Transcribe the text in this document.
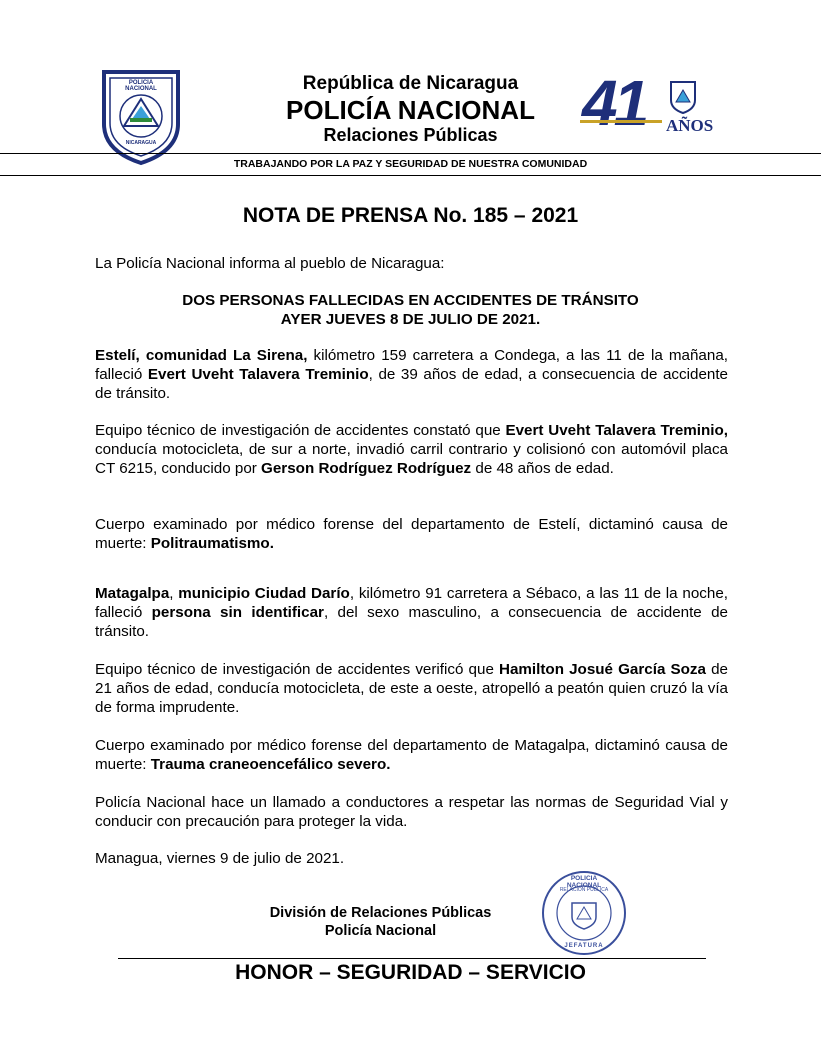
POLICIA NACIONAL
NICARAGUA
República de Nicaragua
POLICÍA NACIONAL
Relaciones Públicas	41 AÑOS
TRABAJANDO POR LA PAZ Y SEGURIDAD DE NUESTRA COMUNIDAD
NOTA DE PRENSA No. 185 – 2021
La Policía Nacional informa al pueblo de Nicaragua:
DOS PERSONAS FALLECIDAS EN ACCIDENTES DE TRÁNSITO
AYER JUEVES 8 DE JULIO DE 2021.
Estelí, comunidad La Sirena, kilómetro 159 carretera a Condega, a las 11 de la mañana, falleció Evert Uveht Talavera Treminio, de 39 años de edad, a consecuencia de accidente de tránsito.
Equipo técnico de investigación de accidentes constató que Evert Uveht Talavera Treminio, conducía motocicleta, de sur a norte, invadió carril contrario y colisionó con automóvil placa CT 6215, conducido por Gerson Rodríguez Rodríguez de 48 años de edad.
Cuerpo examinado por médico forense del departamento de Estelí, dictaminó causa de muerte: Politraumatismo.
Matagalpa, municipio Ciudad Darío, kilómetro 91 carretera a Sébaco, a las 11 de la noche, falleció persona sin identificar, del sexo masculino, a consecuencia de accidente de tránsito.
Equipo técnico de investigación de accidentes verificó que Hamilton Josué García Soza de 21 años de edad, conducía motocicleta, de este a oeste, atropelló a peatón quien cruzó la vía de forma imprudente.
Cuerpo examinado por médico forense del departamento de Matagalpa, dictaminó causa de muerte: Trauma craneoencefálico severo.
Policía Nacional hace un llamado a conductores a respetar las normas de Seguridad Vial y conducir con precaución para proteger la vida.
Managua, viernes 9 de julio de 2021.
División de Relaciones Públicas
Policía Nacional
POLICIA NACIONAL
RELACION PUBLICA
JEFATURA
HONOR – SEGURIDAD – SERVICIO
